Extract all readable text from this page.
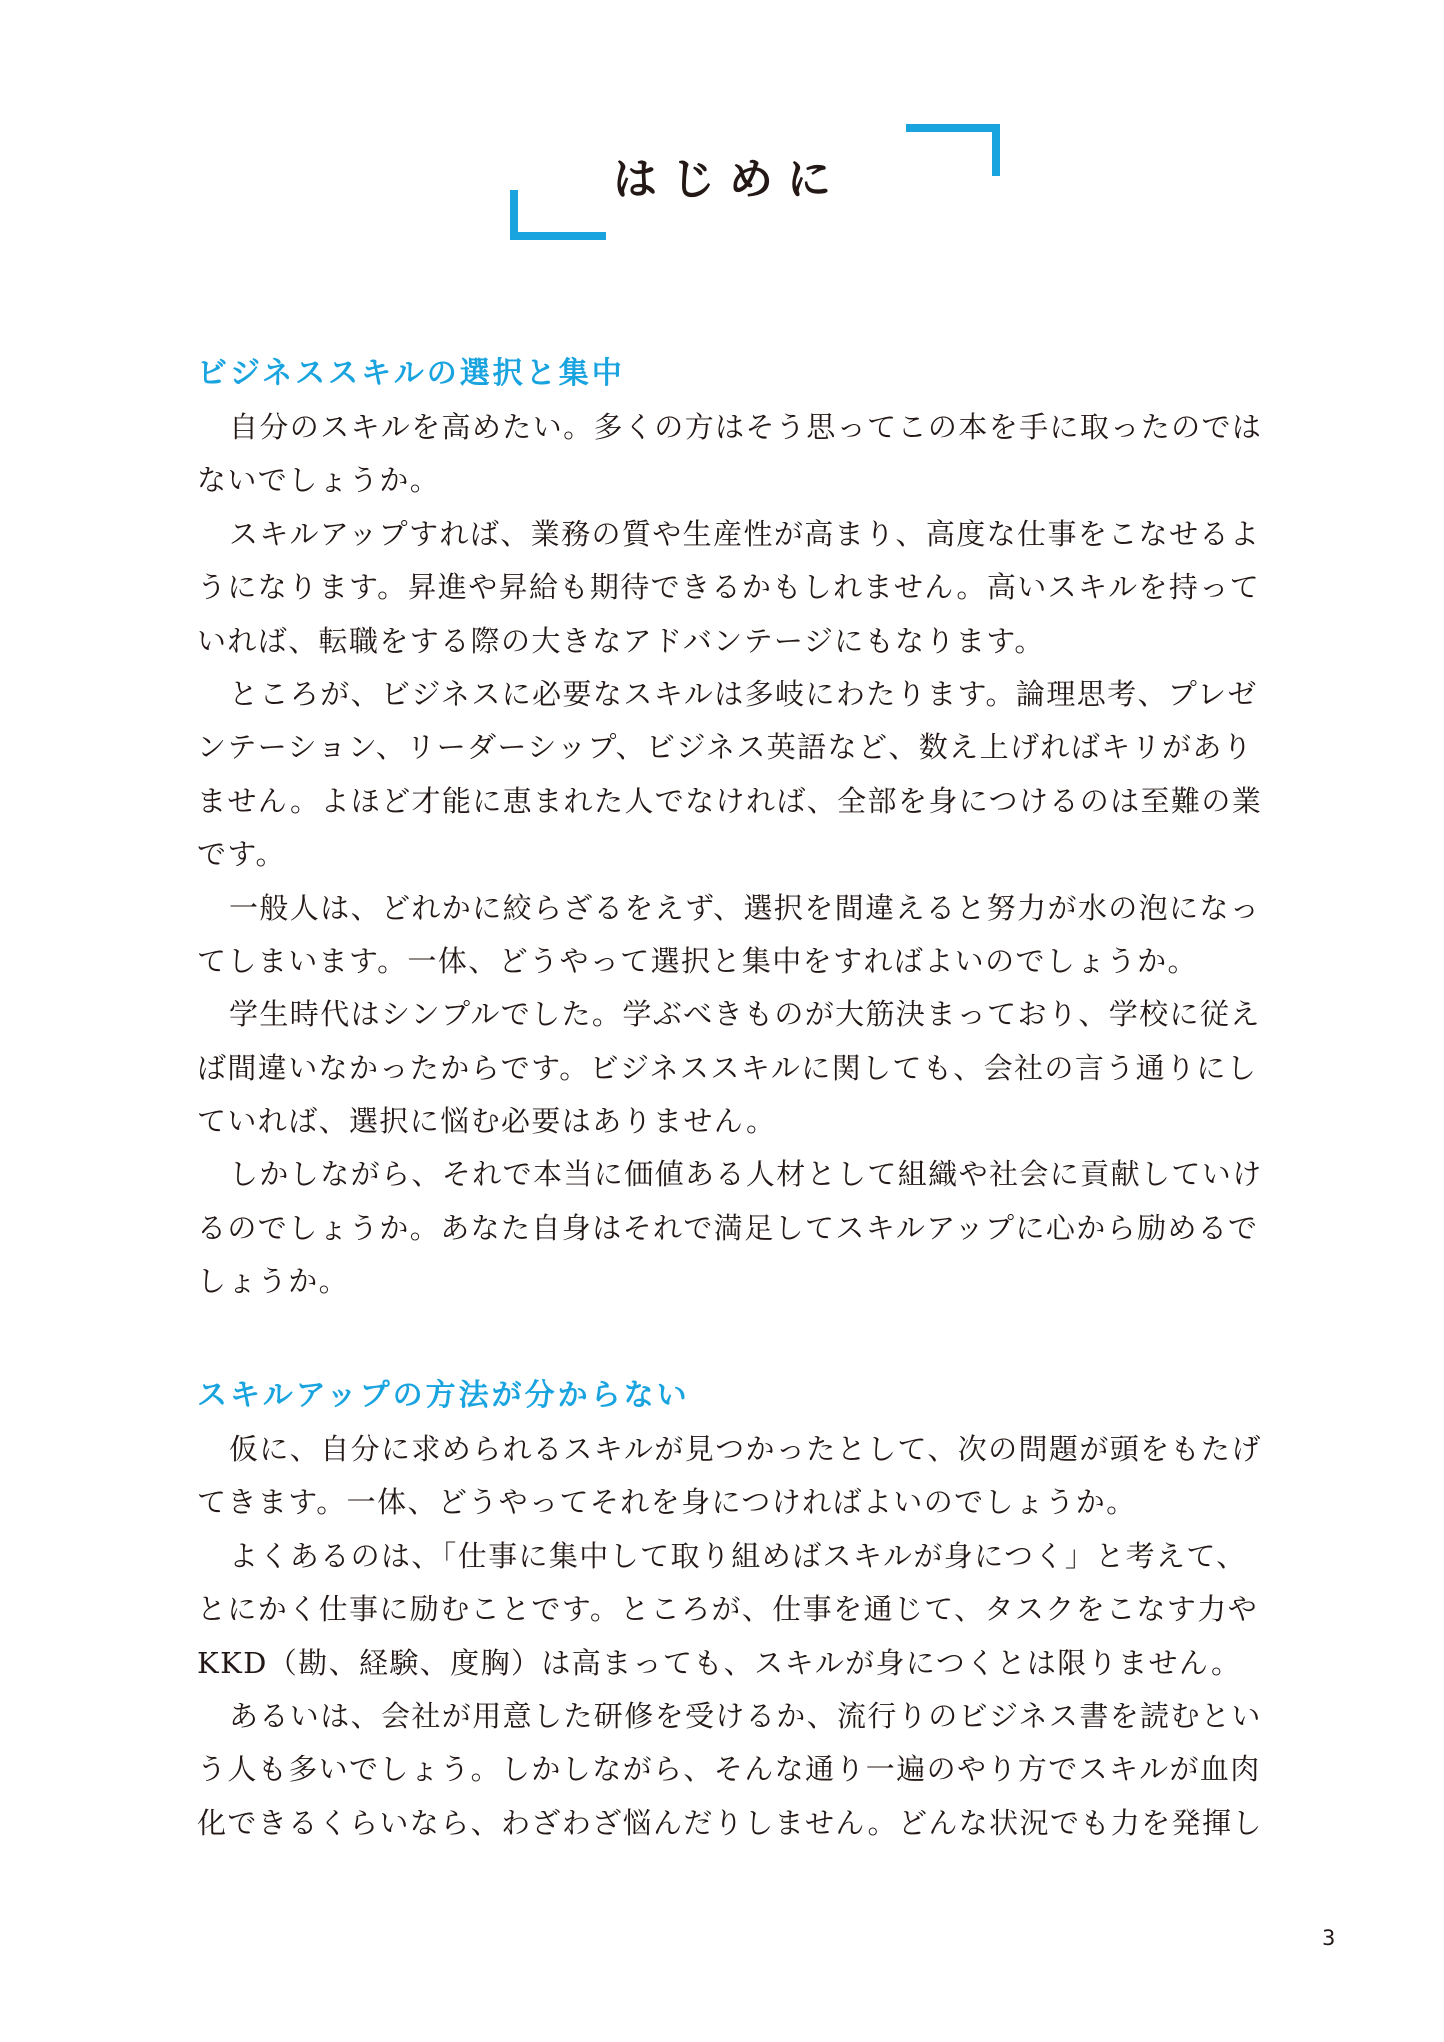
はじめに
ビジネススキルの選択と集中
自分のスキルを高めたい。多くの方はそう思ってこの本を手に取ったのでは
ないでしょうか。
スキルアップすれば、業務の質や生産性が高まり、高度な仕事をこなせるよ
うになります。昇進や昇給も期待できるかもしれません。高いスキルを持って
いれば、転職をする際の大きなアドバンテージにもなります。
ところが、ビジネスに必要なスキルは多岐にわたります。論理思考、プレゼ
ンテーション、リーダーシップ、ビジネス英語など、数え上げればキリがあり
ません。よほど才能に恵まれた人でなければ、全部を身につけるのは至難の業
です。
一般人は、どれかに絞らざるをえず、選択を間違えると努力が水の泡になっ
てしまいます。一体、どうやって選択と集中をすればよいのでしょうか。
学生時代はシンプルでした。学ぶべきものが大筋決まっており、学校に従え
ば間違いなかったからです。ビジネススキルに関しても、会社の言う通りにし
ていれば、選択に悩む必要はありません。
しかしながら、それで本当に価値ある人材として組織や社会に貢献していけ
るのでしょうか。あなた自身はそれで満足してスキルアップに心から励めるで
しょうか。
スキルアップの方法が分からない
仮に、自分に求められるスキルが見つかったとして、次の問題が頭をもたげ
てきます。一体、どうやってそれを身につければよいのでしょうか。
よくあるのは、「仕事に集中して取り組めばスキルが身につく」と考えて、
とにかく仕事に励むことです。ところが、仕事を通じて、タスクをこなす力や
KKD（勘、経験、度胸）は高まっても、スキルが身につくとは限りません。
あるいは、会社が用意した研修を受けるか、流行りのビジネス書を読むとい
う人も多いでしょう。しかしながら、そんな通り一遍のやり方でスキルが血肉
化できるくらいなら、わざわざ悩んだりしません。どんな状況でも力を発揮し
3
